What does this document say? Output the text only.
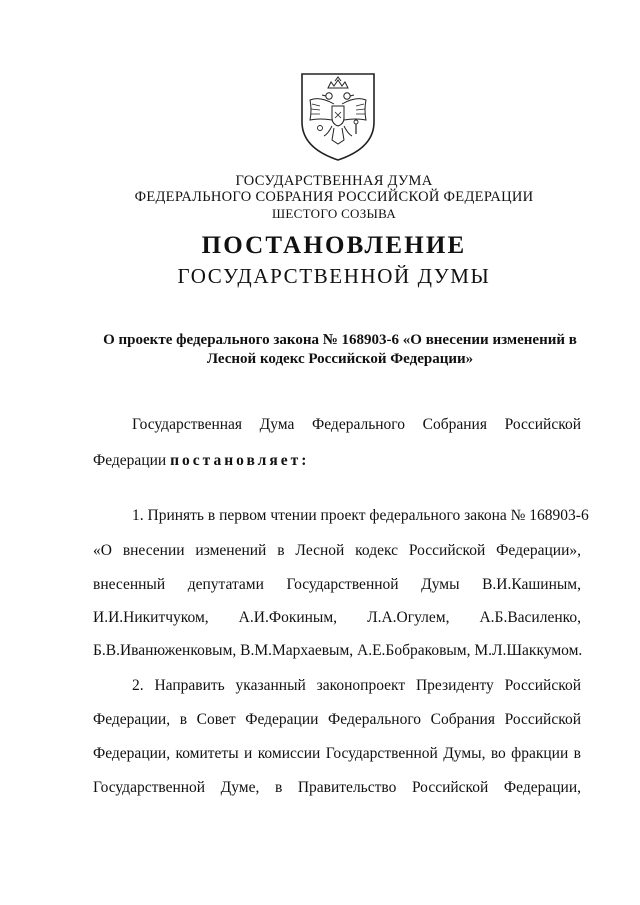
ГОСУДАРСТВЕННАЯ ДУМА
ФЕДЕРАЛЬНОГО СОБРАНИЯ РОССИЙСКОЙ ФЕДЕРАЦИИ
ШЕСТОГО СОЗЫВА
ПОСТАНОВЛЕНИЕ
ГОСУДАРСТВЕННОЙ ДУМЫ
О проекте федерального закона № 168903-6 «О внесении изменений в
Лесной кодекс Российской Федерации»
Государственная Дума Федерального Собрания Российской
Федерации постановляет:
1. Принять в первом чтении проект федерального закона № 168903-6
«О внесении изменений в Лесной кодекс Российской Федерации»,
внесенный депутатами Государственной Думы В.И.Кашиным,
И.И.Никитчуком, А.И.Фокиным, Л.А.Огулем, А.Б.Василенко,
Б.В.Иванюженковым, В.М.Мархаевым, А.Е.Бобраковым, М.Л.Шаккумом.
2. Направить указанный законопроект Президенту Российской
Федерации, в Совет Федерации Федерального Собрания Российской
Федерации, комитеты и комиссии Государственной Думы, во фракции в
Государственной Думе, в Правительство Российской Федерации,
